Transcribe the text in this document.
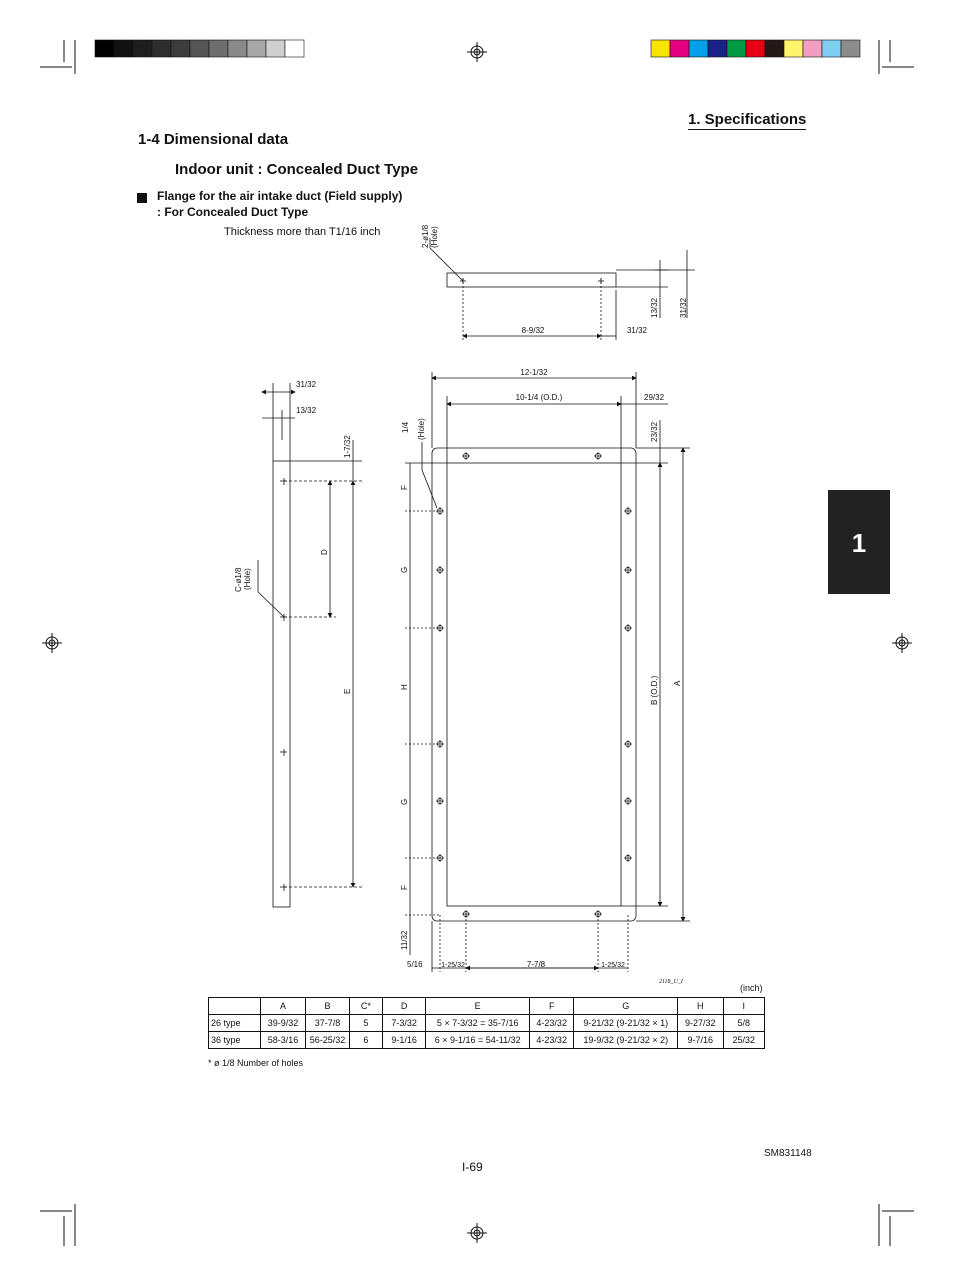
1. Specifications
1-4 Dimensional data
Indoor unit : Concealed Duct Type
Flange for the air intake duct (Field supply)
: For Concealed Duct Type
Thickness more than T1/16 inch
1
8-9/32	31/32
13/32	31/32
2-ø1/8 (Hole)
31/32
13/32
1-7/32
D
E
C-ø1/8 (Hole)
12-1/32
10-1/4 (O.D.)	29/32
23/32
1/4 (Hole)
F
G
H
G
F
B (O.D.) A
11/32
5/16	1-25/32	7-7/8	1-25/32
2118_U_I
(inch)
	A	B	C*	D	E	F	G	H	I
26 type	39-9/32	37-7/8	5	7-3/32	5 × 7-3/32 = 35-7/16	4-23/32	9-21/32 (9-21/32 × 1)	9-27/32	5/8
36 type	58-3/16	56-25/32	6	9-1/16	6 × 9-1/16 = 54-11/32	4-23/32	19-9/32 (9-21/32 × 2)	9-7/16	25/32
* ø 1/8 Number of holes
I-69
SM831148
